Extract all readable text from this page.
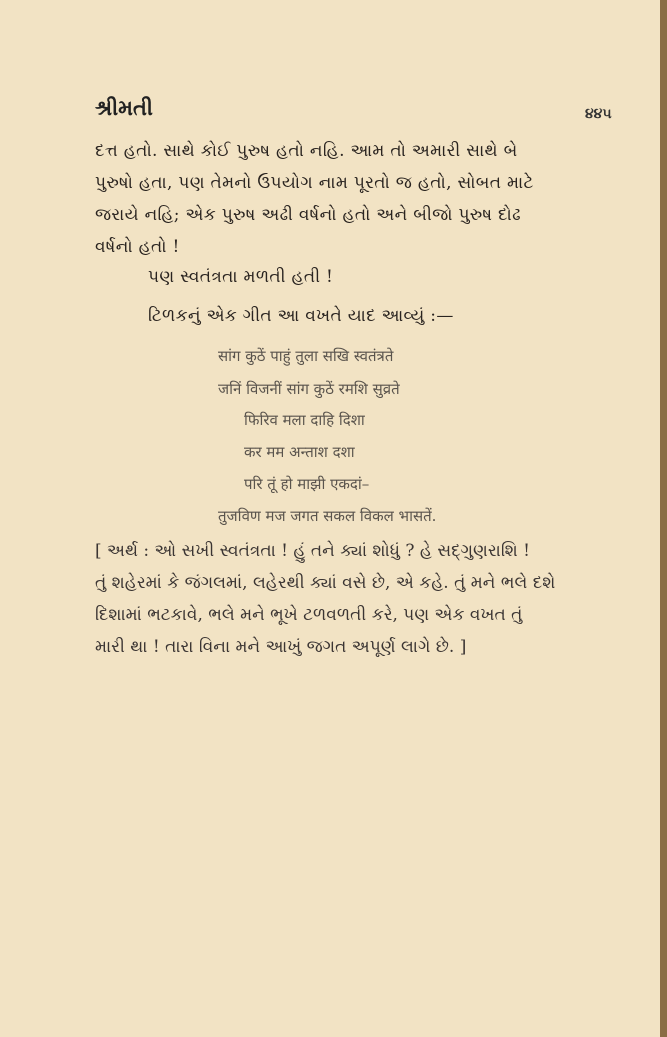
શ્રીમતી	૪૪૫
દત્ત હતો. સાથે કોઈ પુરુષ હતો નહિ. આમ તો અમારી સાથે બે
પુરુષો હતા, પણ તેમનો ઉપયોગ નામ પૂરતો જ હતો, સોબત માટે
જરાયે નહિ; એક પુરુષ અઢી વર્ષનો હતો અને બીજો પુરુષ દોઢ
વર્ષનો હતો !
પણ સ્વતંત્રતા મળતી હતી !
ટિળકનું એક ગીત આ વખતે યાદ આવ્યું :—
सांग कुठें पाहुं तुला सखि स्वतंत्रते
जनिं विजनीं सांग कुठें रमशि सुव्रते
फिरिव मला दाहि दिशा
कर मम अन्ताश दशा
परि तूं हो माझी एकदां–
तुजविण मज जगत सकल विकल भासतें.
[ અર્થ : ઓ સખી સ્વતંત્રતા ! હું તને ક્યાં શોધું ? હે સદ્‌ગુણરાશિ !
તું શહેરમાં કે જંગલમાં, લહેરથી ક્યાં વસે છે, એ કહે. તું મને ભલે દશે
દિશામાં ભટકાવે, ભલે મને ભૂખે ટળવળતી કરે, પણ એક વખત તું
મારી થા ! તારા વિના મને આખું જગત અપૂર્ણ લાગે છે. ]
